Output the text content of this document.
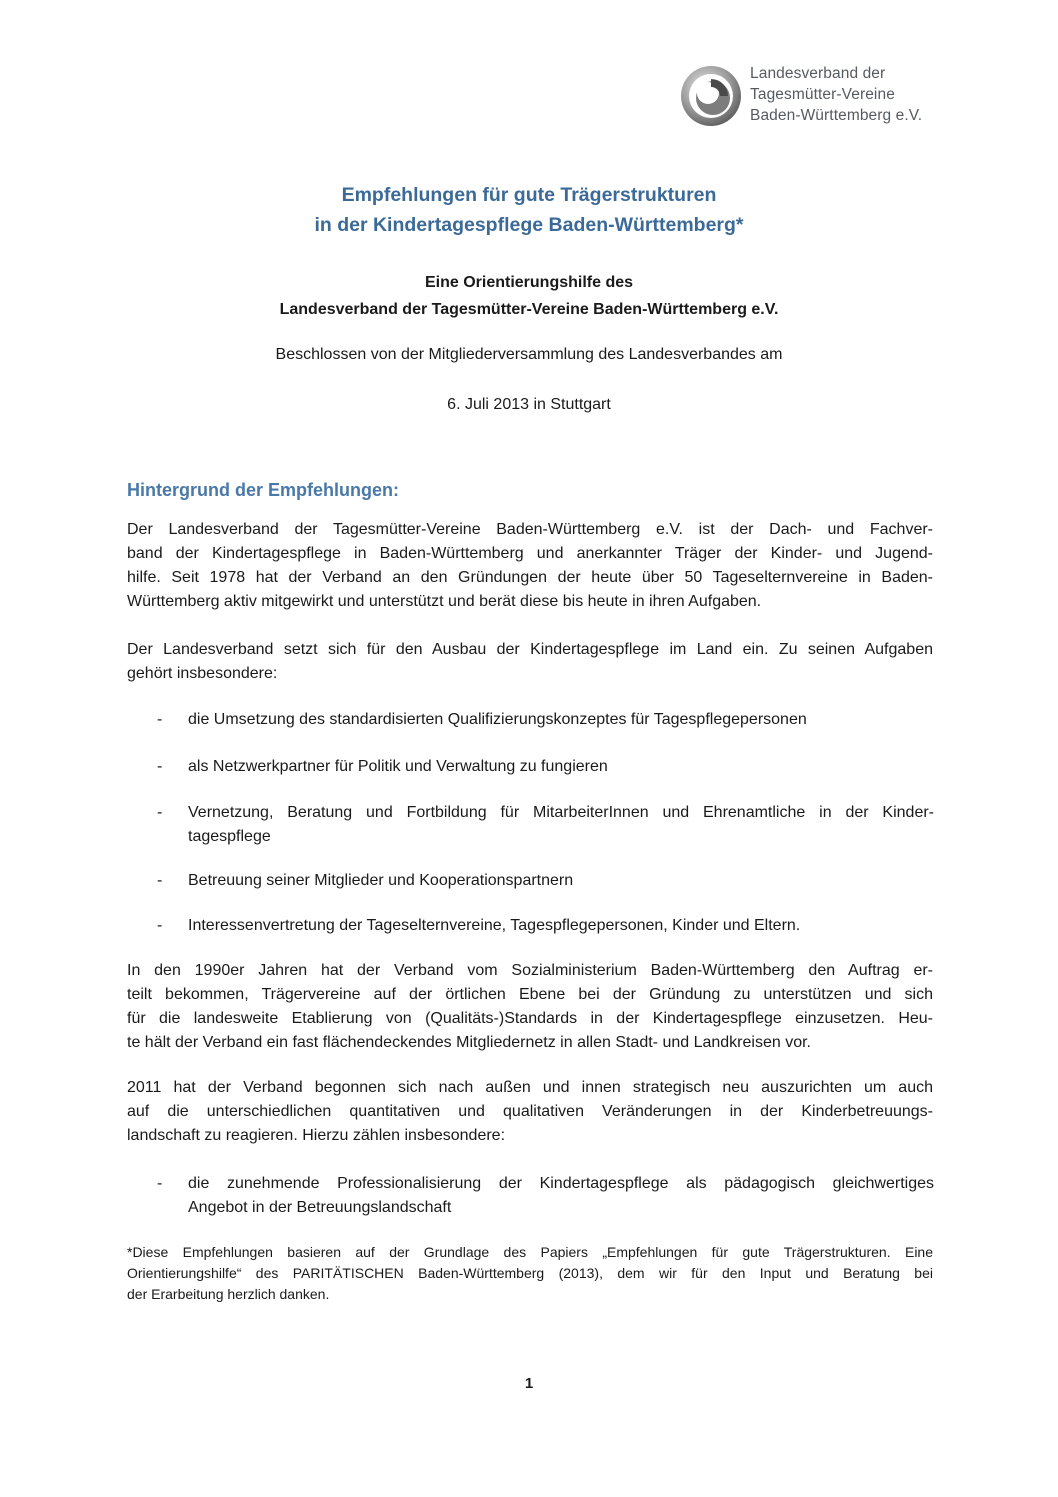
Landesverband der
Tagesmütter-Vereine
Baden-Württemberg e.V.
Empfehlungen für gute Trägerstrukturen
in der Kindertagespflege Baden-Württemberg*
Eine Orientierungshilfe des
Landesverband der Tagesmütter-Vereine Baden-Württemberg e.V.
Beschlossen von der Mitgliederversammlung des Landesverbandes am
6. Juli 2013 in Stuttgart
Hintergrund der Empfehlungen:
Der Landesverband der Tagesmütter-Vereine Baden-Württemberg e.V. ist der Dach- und Fachver-
band der Kindertagespflege in Baden-Württemberg und anerkannter Träger der Kinder- und Jugend-
hilfe. Seit 1978 hat der Verband an den Gründungen der heute über 50 Tageselternvereine in Baden-
Württemberg aktiv mitgewirkt und unterstützt und berät diese bis heute in ihren Aufgaben.
Der Landesverband setzt sich für den Ausbau der Kindertagespflege im Land ein. Zu seinen Aufgaben
gehört insbesondere:
- die Umsetzung des standardisierten Qualifizierungskonzeptes für Tagespflegepersonen
- als Netzwerkpartner für Politik und Verwaltung zu fungieren
- Vernetzung, Beratung und Fortbildung für MitarbeiterInnen und Ehrenamtliche in der Kinder-
tagespflege
- Betreuung seiner Mitglieder und Kooperationspartnern
- Interessenvertretung der Tageselternvereine, Tagespflegepersonen, Kinder und Eltern.
In den 1990er Jahren hat der Verband vom Sozialministerium Baden-Württemberg den Auftrag er-
teilt bekommen, Trägervereine auf der örtlichen Ebene bei der Gründung zu unterstützen und sich
für die landesweite Etablierung von (Qualitäts-)Standards in der Kindertagespflege einzusetzen. Heu-
te hält der Verband ein fast flächendeckendes Mitgliedernetz in allen Stadt- und Landkreisen vor.
2011 hat der Verband begonnen sich nach außen und innen strategisch neu auszurichten um auch
auf die unterschiedlichen quantitativen und qualitativen Veränderungen in der Kinderbetreuungs-
landschaft zu reagieren. Hierzu zählen insbesondere:
- die zunehmende Professionalisierung der Kindertagespflege als pädagogisch gleichwertiges
Angebot in der Betreuungslandschaft
*Diese Empfehlungen basieren auf der Grundlage des Papiers „Empfehlungen für gute Trägerstrukturen. Eine
Orientierungshilfe“ des PARITÄTISCHEN Baden-Württemberg (2013), dem wir für den Input und Beratung bei
der Erarbeitung herzlich danken.
1
